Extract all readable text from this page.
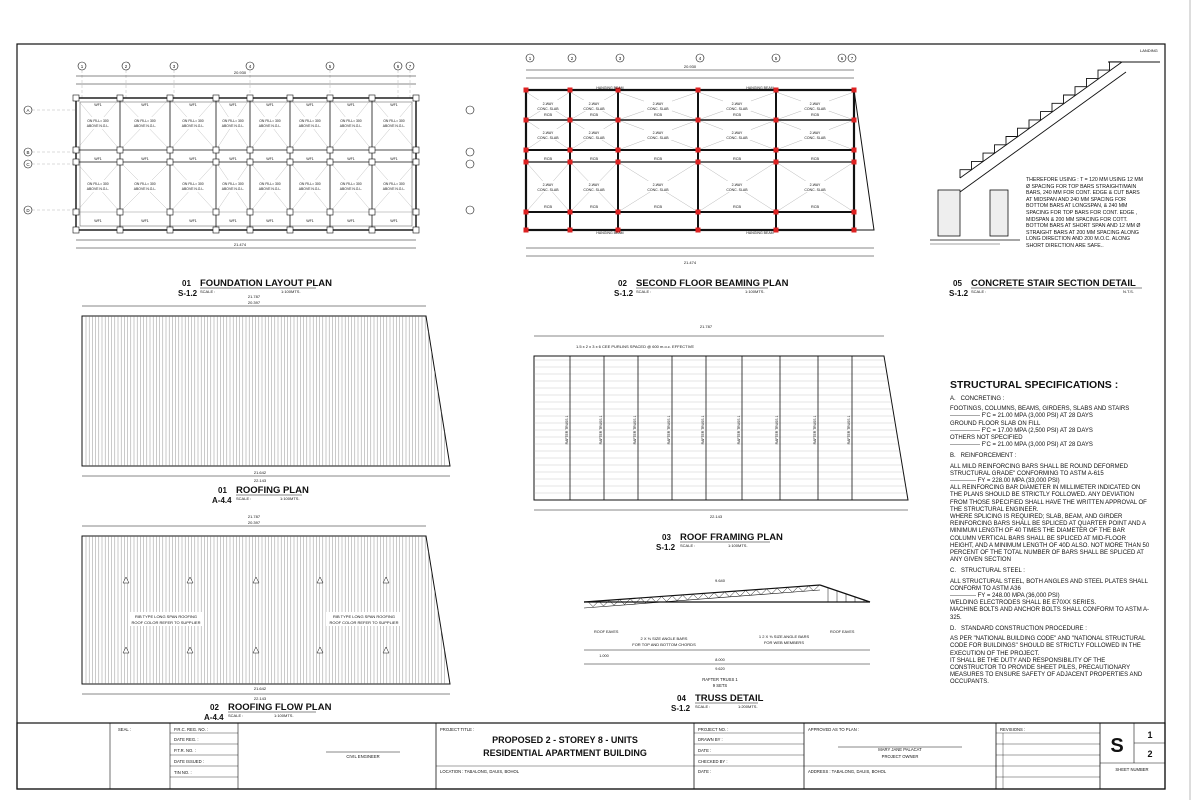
1	2	3	4	5	6 7
ON FILL= 300
ABOVE N.G.L.
ON FILL= 300
ABOVE N.G.L.
WF1
WF1
WF1
ON FILL= 300
ABOVE N.G.L.
ON FILL= 300
ABOVE N.G.L.
WF1
WF1
WF1
ON FILL= 300
ABOVE N.G.L.
ON FILL= 300
ABOVE N.G.L.
WF1
WF1
WF1
ON FILL= 300
ABOVE N.G.L.
ON FILL= 300
ABOVE N.G.L.
WF1
WF1
WF1
ON FILL= 300
ABOVE N.G.L.
ON FILL= 300
ABOVE N.G.L.
WF1
WF1
WF1
ON FILL= 300
ABOVE N.G.L.
ON FILL= 300
ABOVE N.G.L.
WF1
WF1
WF1
ON FILL= 300
ABOVE N.G.L.
ON FILL= 300
ABOVE N.G.L.
WF1
WF1
WF1
ON FILL= 300
ABOVE N.G.L.
ON FILL= 300
ABOVE N.G.L.
WF1
WF1
WF1
20.930
21.474
A
B
C
D
01 FOUNDATION LAYOUT PLAN
S-1.2 SCALE :	1:100MTS.
1	2	3	4	5	6 7
2-WAY
CONC. SLAB
2-WAY
CONC. SLAB
2-WAY
CONC. SLAB
RCB
RCB
RCB
2-WAY
CONC. SLAB
2-WAY
CONC. SLAB
2-WAY
CONC. SLAB
RCB
RCB
RCB
2-WAY
CONC. SLAB
2-WAY
CONC. SLAB
2-WAY
CONC. SLAB
RCB
RCB
RCB
2-WAY
CONC. SLAB
2-WAY
CONC. SLAB
2-WAY
CONC. SLAB
RCB
RCB
RCB
2-WAY
CONC. SLAB
2-WAY
CONC. SLAB
2-WAY
CONC. SLAB
RCB
RCB
RCB
HANGING BEAM	HANGING BEAM
HANGING BEAM	HANGING BEAM
20.930
21.474
02 SECOND FLOOR BEAMING PLAN
S-1.2 SCALE :	1:100MTS.
LANDING
05 CONCRETE STAIR SECTION DETAIL
S-1.2 SCALE :	N.T.S.
20.397
21.787
21.642
22.143
01 ROOFING PLAN
A-4.4 SCALE :	1:100MTS.
RAFTER TRUSS 1	RAFTER TRUSS 1	RAFTER TRUSS 1	RAFTER TRUSS 1	RAFTER TRUSS 1	RAFTER TRUSS 1	RAFTER TRUSS 1	RAFTER TRUSS 1	RAFTER TRUSS 1
21.787
22.143
1.5 x 2 x 3 x 6 CEE PURLINS SPACED @ 600 m.o.c. EFFECTIVE
03 ROOF FRAMING PLAN
S-1.2 SCALE :	1:100MTS.
RIB TYPE LONG SPAN ROOFING
ROOF COLOR REFER TO SUPPLIER
RIB TYPE LONG SPAN ROOFING
ROOF COLOR REFER TO SUPPLIER
21.787
20.397
21.642
22.143
02 ROOFING FLOW PLAN
A-4.4 SCALE :	1:100MTS.
9.640
ROOF EAVES	ROOF EAVES
2 X ⅜ SIZE ANGLE BARS
FOR TOP AND BOTTOM CHORDS
1 2 X ⅜ SIZE ANGLE BARS
FOR WEB MEMBERS
1.000
8.000
9.620
RAFTER TRUSS 1
9 SETS
04 TRUSS DETAIL
S-1.2 SCALE :	1:200MTS.
SEAL :	P.R.C. REG. NO. :
DATE REG. :
P.T.R. NO. :
DATE ISSUED :
TIN NO. :
CIVIL ENGINEER
PROJECT TITLE :
PROPOSED 2 - STOREY 8 - UNITS
RESIDENTIAL APARTMENT BUILDING
LOCATION : TABALONG, DAUIS, BOHOL
PROJECT NO. :
DRAWN BY :
DATE :
CHECKED BY :
DATE :
APPROVED AS TO PLAN :
MARY JANE PALACAT
PROJECT OWNER
ADDRESS : TABALONG, DAUIS, BOHOL
REVISIONS :
S	1
2
SHEET NUMBER
THEREFORE USING : T = 120 MM USING 12 MM Ø SPACING FOR TOP BARS STRAIGHT/MAIN BARS, 240 MM FOR CONT. EDGE & CUT BARS AT MIDSPAN AND 240 MM SPACING FOR BOTTOM BARS AT LONGSPAN, & 240 MM SPACING FOR TOP BARS FOR CONT. EDGE , MIDSPAN & 200 MM SPACING FOR COTT. BOTTOM BARS AT SHORT SPAN AND 12 MM Ø STRAIGHT BARS AT 200 MM SPACING ALONG LONG DIRECTION AND 200 M.O.C. ALONG SHORT DIRECTION ARE SAFE..
STRUCTURAL SPECIFICATIONS :

A.   CONCRETING :

FOOTINGS, COLUMNS, BEAMS, GIRDERS, SLABS AND STAIRS
--------------- F'C = 21.00 MPA (3,000 PSI) AT 28 DAYS
GROUND FLOOR SLAB ON FILL
--------------- F'C = 17.00 MPA (2,500 PSI) AT 28 DAYS
OTHERS NOT SPECIFIED
--------------- F'C = 21.00 MPA (3,000 PSI) AT 28 DAYS

B.   REINFORCEMENT :

ALL MILD REINFORCING BARS SHALL BE ROUND DEFORMED STRUCTURAL GRADE" CONFORMING TO ASTM A-615
------------- FY = 228.00 MPA (33,000 PSI)
ALL REINFORCING BAR DIAMETER IN MILLIMETER INDICATED ON THE PLANS SHOULD BE STRICTLY FOLLOWED. ANY DEVIATION FROM THOSE SPECIFIED SHALL HAVE THE WRITTEN APPROVAL OF THE STRUCTURAL ENGINEER.
WHERE SPLICING IS REQUIRED; SLAB, BEAM, AND GIRDER REINFORCING BARS SHALL BE SPLICED AT QUARTER POINT AND A MINIMUM LENGTH OF 40 TIMES THE DIAMETER OF THE BAR COLUMN VERTICAL BARS SHALL BE SPLICED AT MID-FLOOR HEIGHT, AND A MINIMUM LENGTH OF 40D ALSO. NOT MORE THAN 50 PERCENT OF THE TOTAL NUMBER OF BARS SHALL BE SPLICED AT ANY GIVEN SECTION

C.   STRUCTURAL STEEL :

ALL STRUCTURAL STEEL, BOTH ANGLES AND STEEL PLATES SHALL CONFORM TO ASTM A36
------------- FY = 248.00 MPA (36,000 PSI)
WELDING ELECTRODES SHALL BE E70XX SERIES.
MACHINE BOLTS AND ANCHOR BOLTS SHALL CONFORM TO ASTM A-325.

D.   STANDARD CONSTRUCTION PROCEDURE :

AS PER "NATIONAL BUILDING CODE" AND "NATIONAL STRUCTURAL CODE FOR BUILDINGS" SHOULD BE STRICTLY FOLLOWED IN THE EXECUTION OF THE PROJECT.
IT SHALL BE THE DUTY AND RESPONSIBILITY OF THE CONSTRUCTOR TO PROVIDE SHEET PILES, PRECAUTIONARY MEASURES TO ENSURE SAFETY OF ADJACENT PROPERTIES AND OCCUPANTS.
